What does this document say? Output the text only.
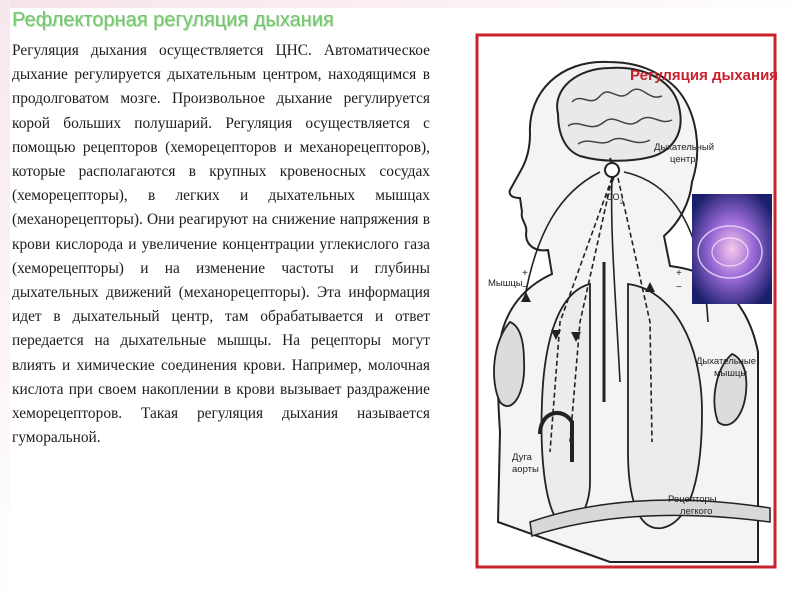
Рефлекторная регуляция дыхания

Регуляция дыхания осуществляется ЦНС. Автоматическое дыхание регулируется дыхательным центром, находящимся в продолговатом мозге. Произвольное дыхание регулируется корой больших полушарий. Регуляция осуществляется с помощью рецепторов (хеморецепторов и механорецепторов), которые располагаются в крупных кровеносных сосудах (хеморецепторы), в легких и дыхательных мышцах (механорецепторы). Они реагируют на снижение напряжения в крови кислорода и увеличение концентрации углекислого газа (хеморецепторы) и на изменение частоты и глубины дыхательных движений (механорецепторы). Эта информация идет в дыхательный центр, там обрабатывается и ответ передается на дыхательные мышцы. На рецепторы могут влиять и химические соединения крови. Например, молочная кислота при своем накоплении в крови вызывает раздражение хеморецепторов. Такая регуляция дыхания называется гуморальной.

Регуляция дыхания
Дыхательный
центр
CO
2
Мышцы
+
−
+
−
Дыхательные
мышцы
Дуга
аорты
Рецепторы
легкого
